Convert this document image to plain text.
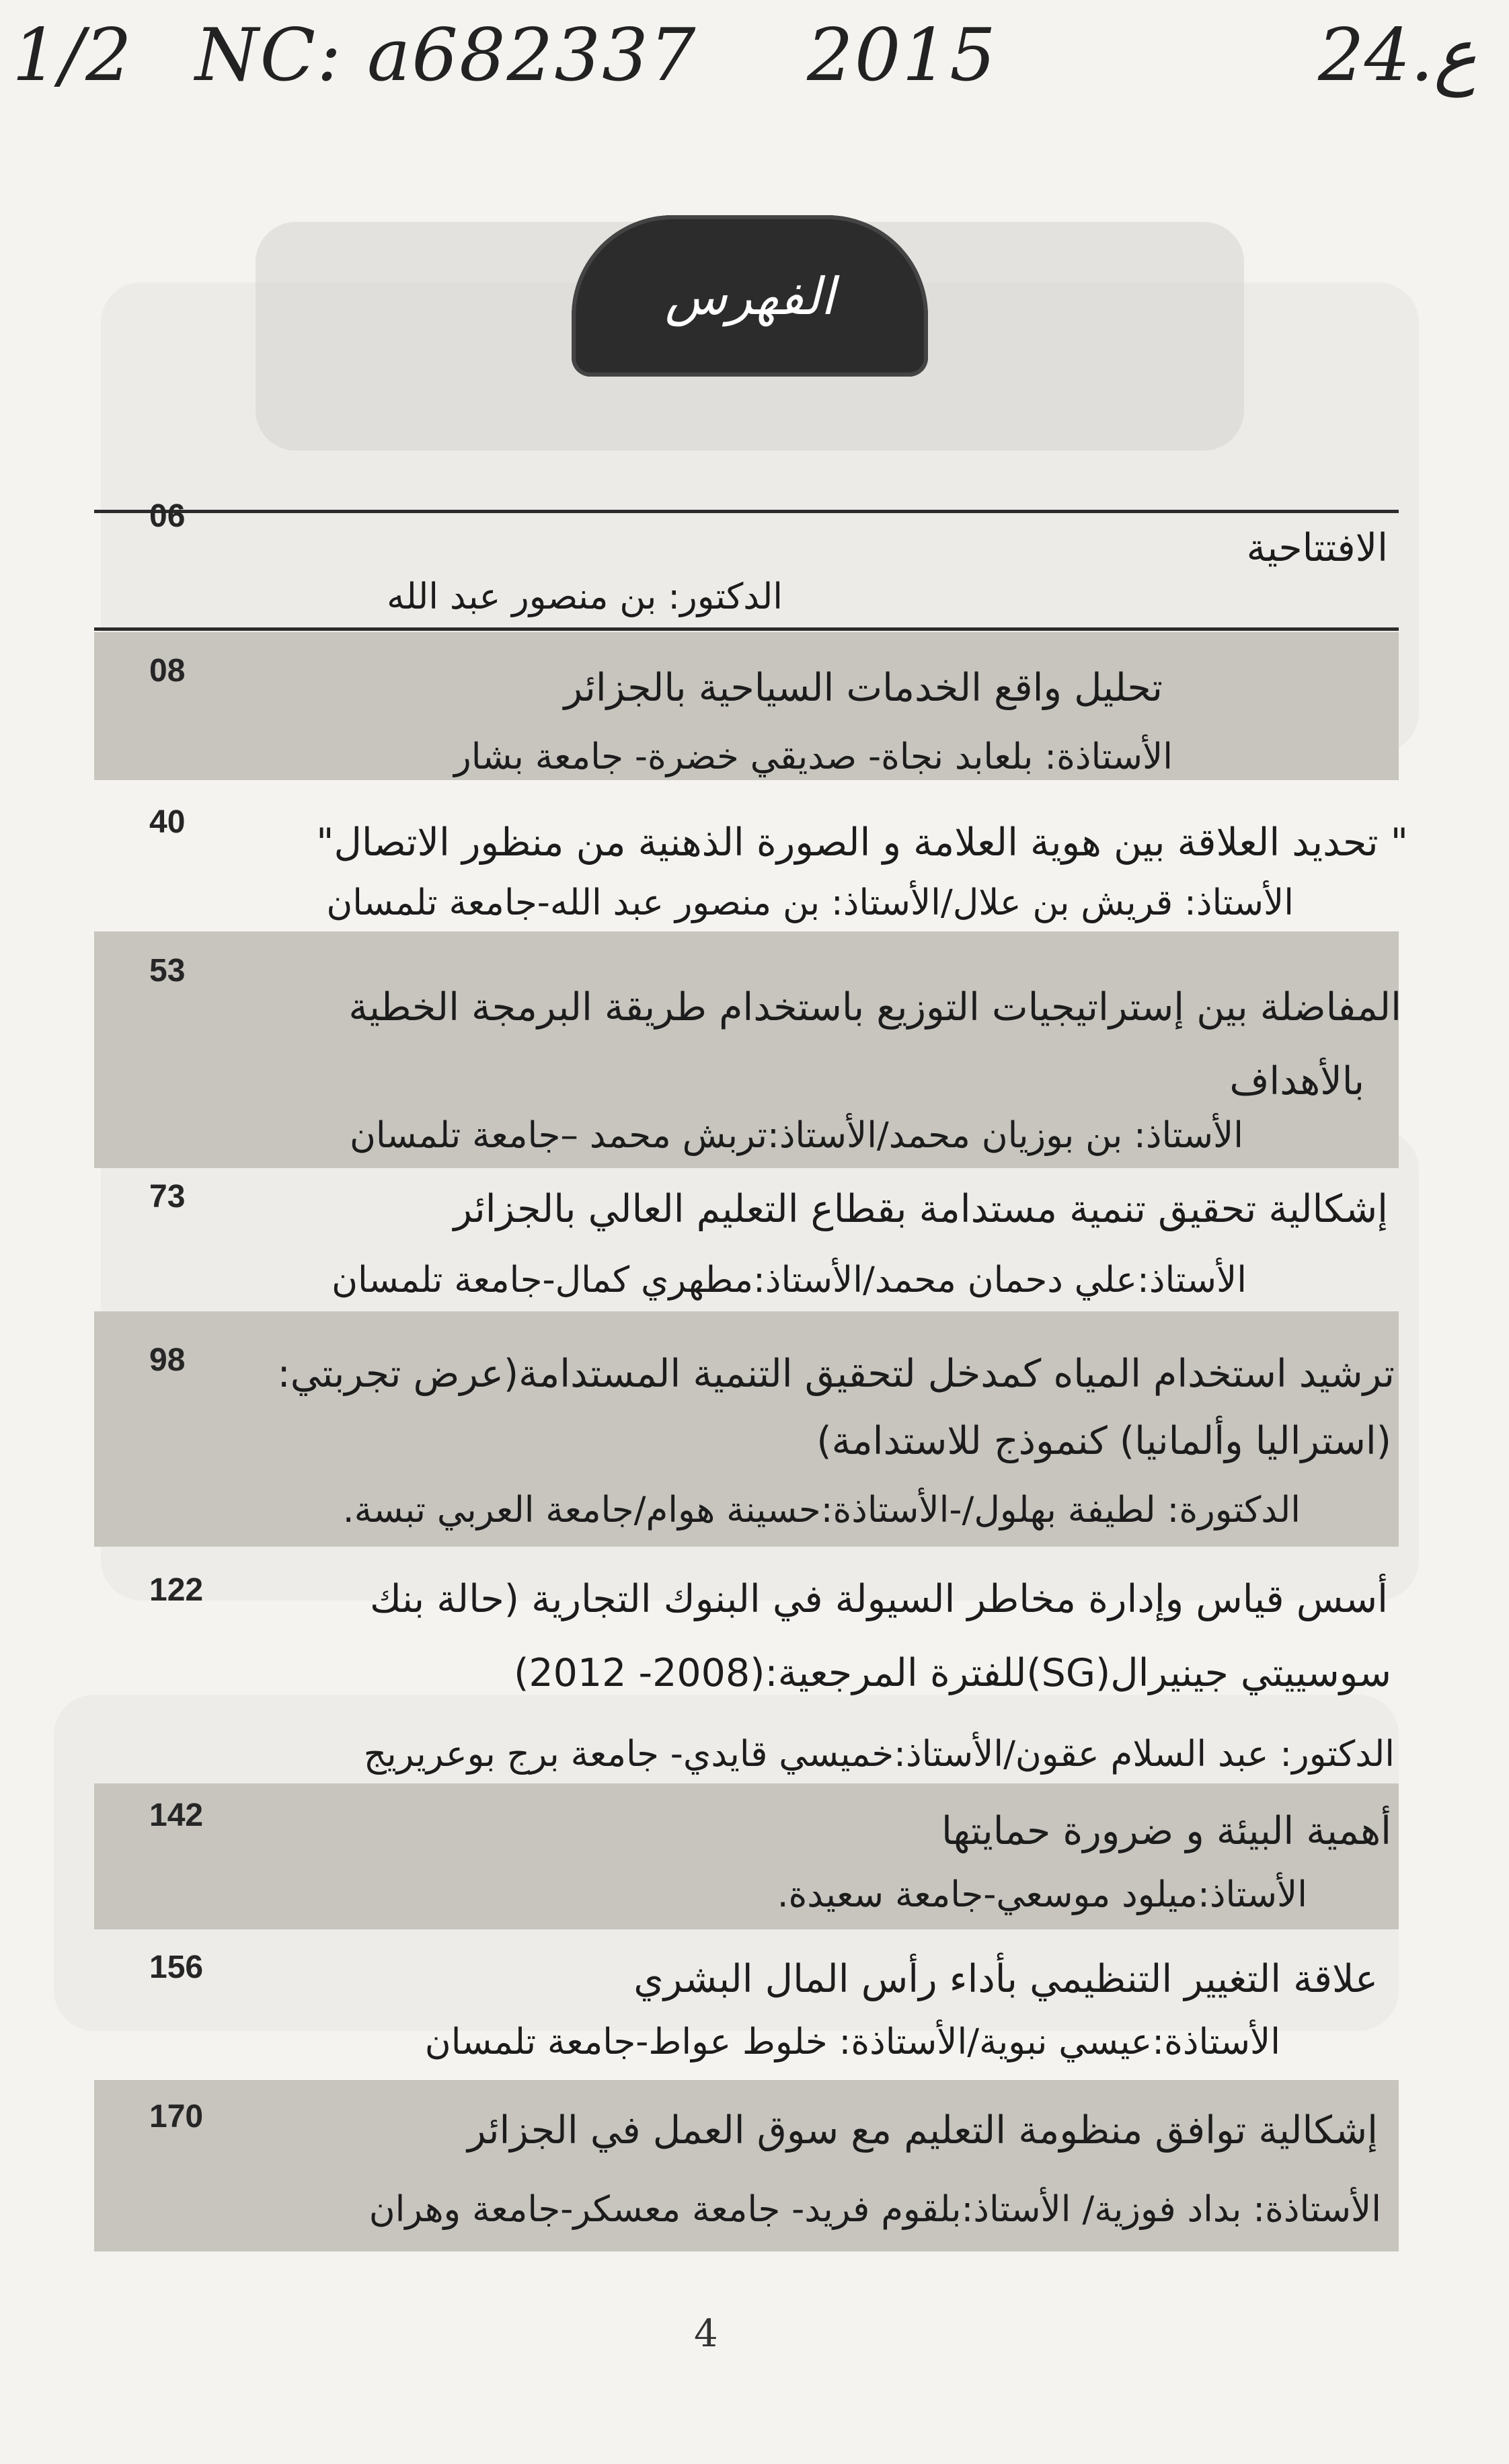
1/2 NC: a682337 2015	24.ع
الفهرس
06
08
40
53
73
98
122
142
156
170
الافتتاحية
الدكتور: بن منصور عبد الله
تحليل واقع الخدمات السياحية بالجزائر
الأستاذة: بلعابد نجاة- صديقي خضرة- جامعة بشار
" تحديد العلاقة بين هوية العلامة و الصورة الذهنية من منظور الاتصال"
الأستاذ: قريش بن علال/الأستاذ: بن منصور عبد الله-جامعة تلمسان
المفاضلة بين إستراتيجيات التوزيع باستخدام طريقة البرمجة الخطية
بالأهداف
الأستاذ: بن بوزيان محمد/الأستاذ:تربش محمد –جامعة تلمسان
إشكالية تحقيق تنمية مستدامة بقطاع التعليم العالي بالجزائر
الأستاذ:علي دحمان محمد/الأستاذ:مطهري كمال-جامعة تلمسان
ترشيد استخدام المياه كمدخل لتحقيق التنمية المستدامة(عرض تجربتي:
(استراليا وألمانيا) كنموذج للاستدامة)
الدكتورة: لطيفة بهلول/-الأستاذة:حسينة هوام/جامعة العربي تبسة.
أسس قياس وإدارة مخاطر السيولة في البنوك التجارية (حالة بنك
سوسييتي جينيرال(SG)للفترة المرجعية:(2008- 2012)
الدكتور: عبد السلام عقون/الأستاذ:خميسي قايدي- جامعة برج بوعريريج
أهمية البيئة و ضرورة حمايتها
الأستاذ:ميلود موسعي-جامعة سعيدة.
علاقة التغيير التنظيمي بأداء رأس المال البشري
الأستاذة:عيسي نبوية/الأستاذة: خلوط عواط-جامعة تلمسان
إشكالية توافق منظومة التعليم مع سوق العمل في الجزائر
الأستاذة: بداد فوزية/ الأستاذ:بلقوم فريد- جامعة معسكر-جامعة وهران
4
